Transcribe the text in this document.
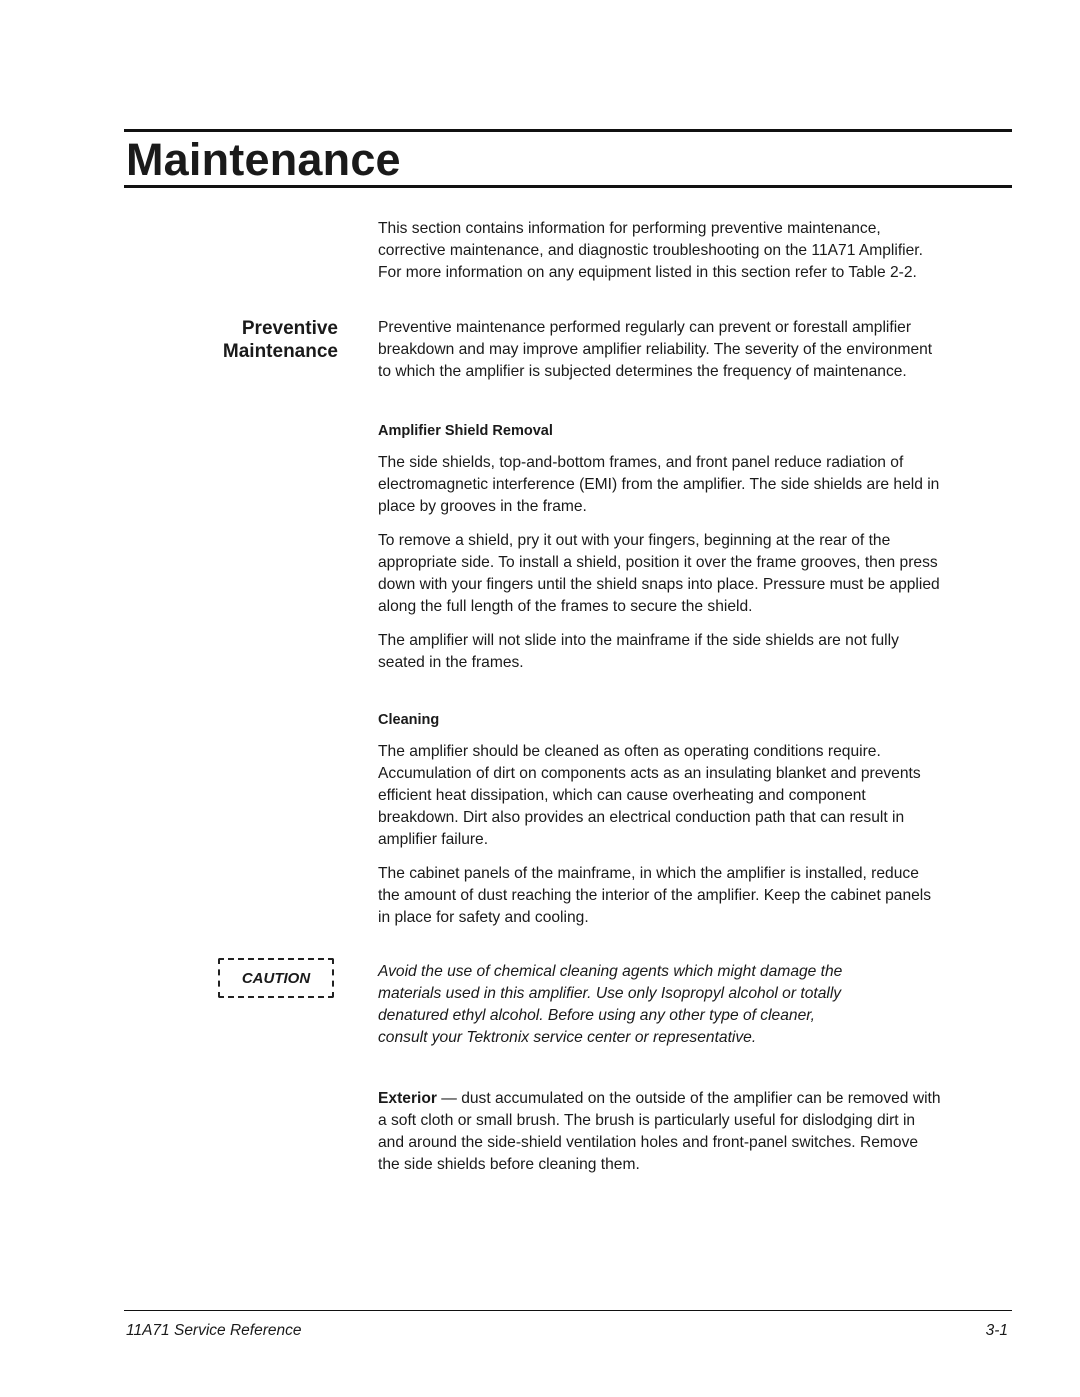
Maintenance
This section contains information for performing preventive maintenance,
corrective maintenance, and diagnostic troubleshooting on the 11A71 Amplifier.
For more information on any equipment listed in this section refer to Table 2-2.
Preventive
Maintenance
Preventive maintenance performed regularly can prevent or forestall amplifier
breakdown and may improve amplifier reliability. The severity of the environment
to which the amplifier is subjected determines the frequency of maintenance.
Amplifier Shield Removal
The side shields, top-and-bottom frames, and front panel reduce radiation of
electromagnetic interference (EMI) from the amplifier. The side shields are held in
place by grooves in the frame.
To remove a shield, pry it out with your fingers, beginning at the rear of the
appropriate side. To install a shield, position it over the frame grooves, then press
down with your fingers until the shield snaps into place. Pressure must be applied
along the full length of the frames to secure the shield.
The amplifier will not slide into the mainframe if the side shields are not fully
seated in the frames.
Cleaning
The amplifier should be cleaned as often as operating conditions require.
Accumulation of dirt on components acts as an insulating blanket and prevents
efficient heat dissipation, which can cause overheating and component
breakdown. Dirt also provides an electrical conduction path that can result in
amplifier failure.
The cabinet panels of the mainframe, in which the amplifier is installed, reduce
the amount of dust reaching the interior of the amplifier. Keep the cabinet panels
in place for safety and cooling.
CAUTION	Avoid the use of chemical cleaning agents which might damage the
materials used in this amplifier. Use only Isopropyl alcohol or totally
denatured ethyl alcohol. Before using any other type of cleaner,
consult your Tektronix service center or representative.
Exterior — dust accumulated on the outside of the amplifier can be removed with
a soft cloth or small brush. The brush is particularly useful for dislodging dirt in
and around the side-shield ventilation holes and front-panel switches. Remove
the side shields before cleaning them.
11A71 Service Reference	3-1
